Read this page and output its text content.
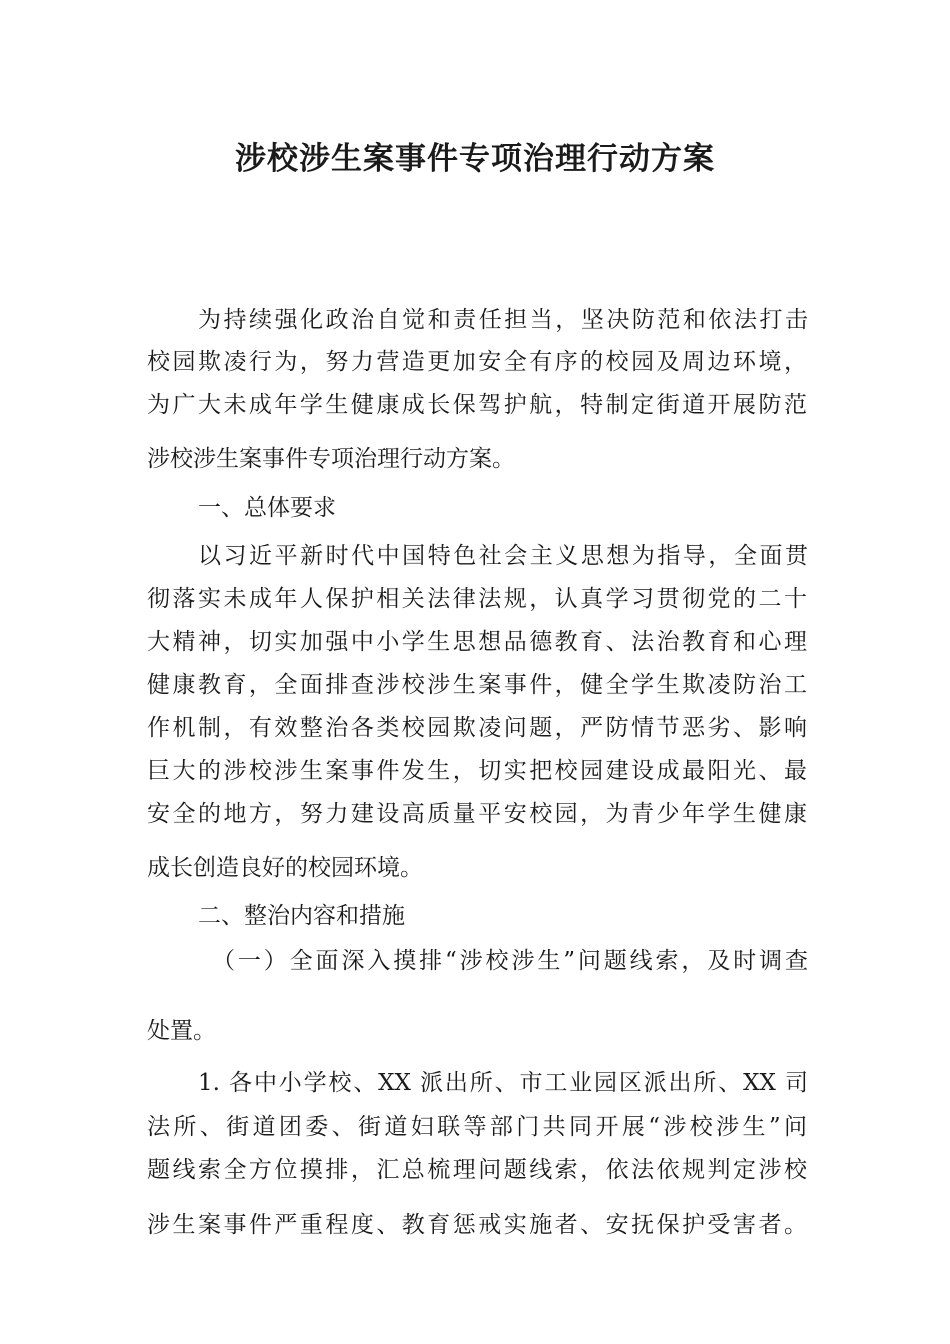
涉校涉生案事件专项治理行动方案

为持续强化政治自觉和责任担当，坚决防范和依法打击

校园欺凌行为，努力营造更加安全有序的校园及周边环境，

为广大未成年学生健康成长保驾护航，特制定街道开展防范

涉校涉生案事件专项治理行动方案。

一、总体要求

以习近平新时代中国特色社会主义思想为指导，全面贯

彻落实未成年人保护相关法律法规，认真学习贯彻党的二十

大精神，切实加强中小学生思想品德教育、法治教育和心理

健康教育，全面排查涉校涉生案事件，健全学生欺凌防治工

作机制，有效整治各类校园欺凌问题，严防情节恶劣、影响

巨大的涉校涉生案事件发生，切实把校园建设成最阳光、最

安全的地方，努力建设高质量平安校园，为青少年学生健康

成长创造良好的校园环境。

二、整治内容和措施

（一）全面深入摸排“涉校涉生”问题线索，及时调查

处置。

1. 各中小学校、XX 派出所、市工业园区派出所、XX 司

法所、街道团委、街道妇联等部门共同开展“涉校涉生”问

题线索全方位摸排，汇总梳理问题线索，依法依规判定涉校

涉生案事件严重程度、教育惩戒实施者、安抚保护受害者。
